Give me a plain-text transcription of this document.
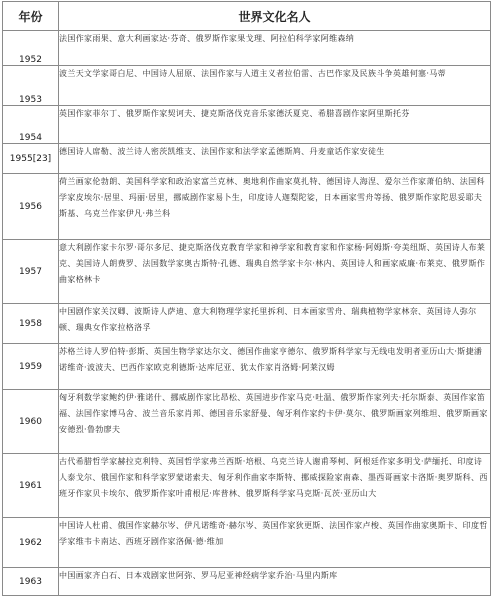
年份	世界文化名人
1952	法国作家雨果、意大利画家达·芬奇、俄罗斯作家果戈理、阿拉伯科学家阿维森纳
1953	波兰天文学家哥白尼、中国诗人屈原、法国作家与人道主义者拉伯雷、古巴作家及民族斗争英雄何塞·马蒂
1954	英国作家菲尔丁、俄罗斯作家契诃夫、捷克斯洛伐克音乐家德沃夏克、希腊喜剧作家阿里斯托芬
1955[23]	德国诗人席勒、波兰诗人密茨凯维支、法国作家和法学家孟德斯鸠、丹麦童话作家安徒生
1956	荷兰画家伦勃朗、美国科学家和政治家富兰克林、奥地利作曲家莫扎特、德国诗人海涅、爱尔兰作家萧伯纳、法国科学家皮埃尔·居里、玛丽·居里，挪威剧作家易卜生，印度诗人迦梨陀娑，日本画家雪舟等扬、俄罗斯作家陀思妥耶夫斯基、乌克兰作家伊凡·弗兰科
1957	意大利剧作家卡尔罗·哥尔多尼、捷克斯洛伐克教育学家和神学家和教育家和作家杨·阿姆斯·夸美纽斯、英国诗人布莱克、美国诗人朗费罗、法国数学家奥古斯特·孔德、瑞典自然学家卡尔·林内、英国诗人和画家威廉·布莱克、俄罗斯作曲家格林卡
1958	中国剧作家关汉卿、波斯诗人萨迪、意大利物理学家托里拆利、日本画家雪舟、瑞典植物学家林奈、英国诗人弥尔顿、瑞典女作家拉格洛孚
1959	苏格兰诗人罗伯特·彭斯、英国生物学家达尔文、德国作曲家亨德尔、俄罗斯科学家与无线电发明者亚历山大·斯捷潘诺维奇·波波夫、巴西作家欧克利德斯·达库尼亚、犹太作家肖洛姆·阿莱汉姆
1960	匈牙利数学家鲍约伊·雅诺什、挪威剧作家比昂松、英国进步作家马克·吐温、俄罗斯作家列夫·托尔斯泰、英国作家笛福、法国作家博马舍、波兰音乐家肖邦、德国音乐家舒曼、匈牙利作家约卡伊·莫尔、俄罗斯画家列维坦、俄罗斯画家安德烈·鲁勃廖夫
1961	古代希腊哲学家赫拉克利特、英国哲学家弗兰西斯·培根、乌克兰诗人谢甫琴柯、阿根廷作家多明戈·萨缅托、印度诗人泰戈尔、俄国作家和科学家罗蒙诺索夫、匈牙利作曲家李斯特、挪威探险家南森、墨西哥画家卡洛斯·奥罗斯科、西班牙作家贝卡埃尔、俄罗斯作家叶甫根尼·库普林、俄罗斯科学家马克斯·瓦茨·亚历山大
1962	中国诗人杜甫、俄国作家赫尔岑、伊凡诺维奇·赫尔岑、英国作家狄更斯、法国作家卢梭、英国作曲家奥斯卡、印度哲学家维韦卡南达、西班牙剧作家洛佩·德·维加
1963	中国画家齐白石、日本戏剧家世阿弥、罗马尼亚神经病学家乔治·马里内斯库
